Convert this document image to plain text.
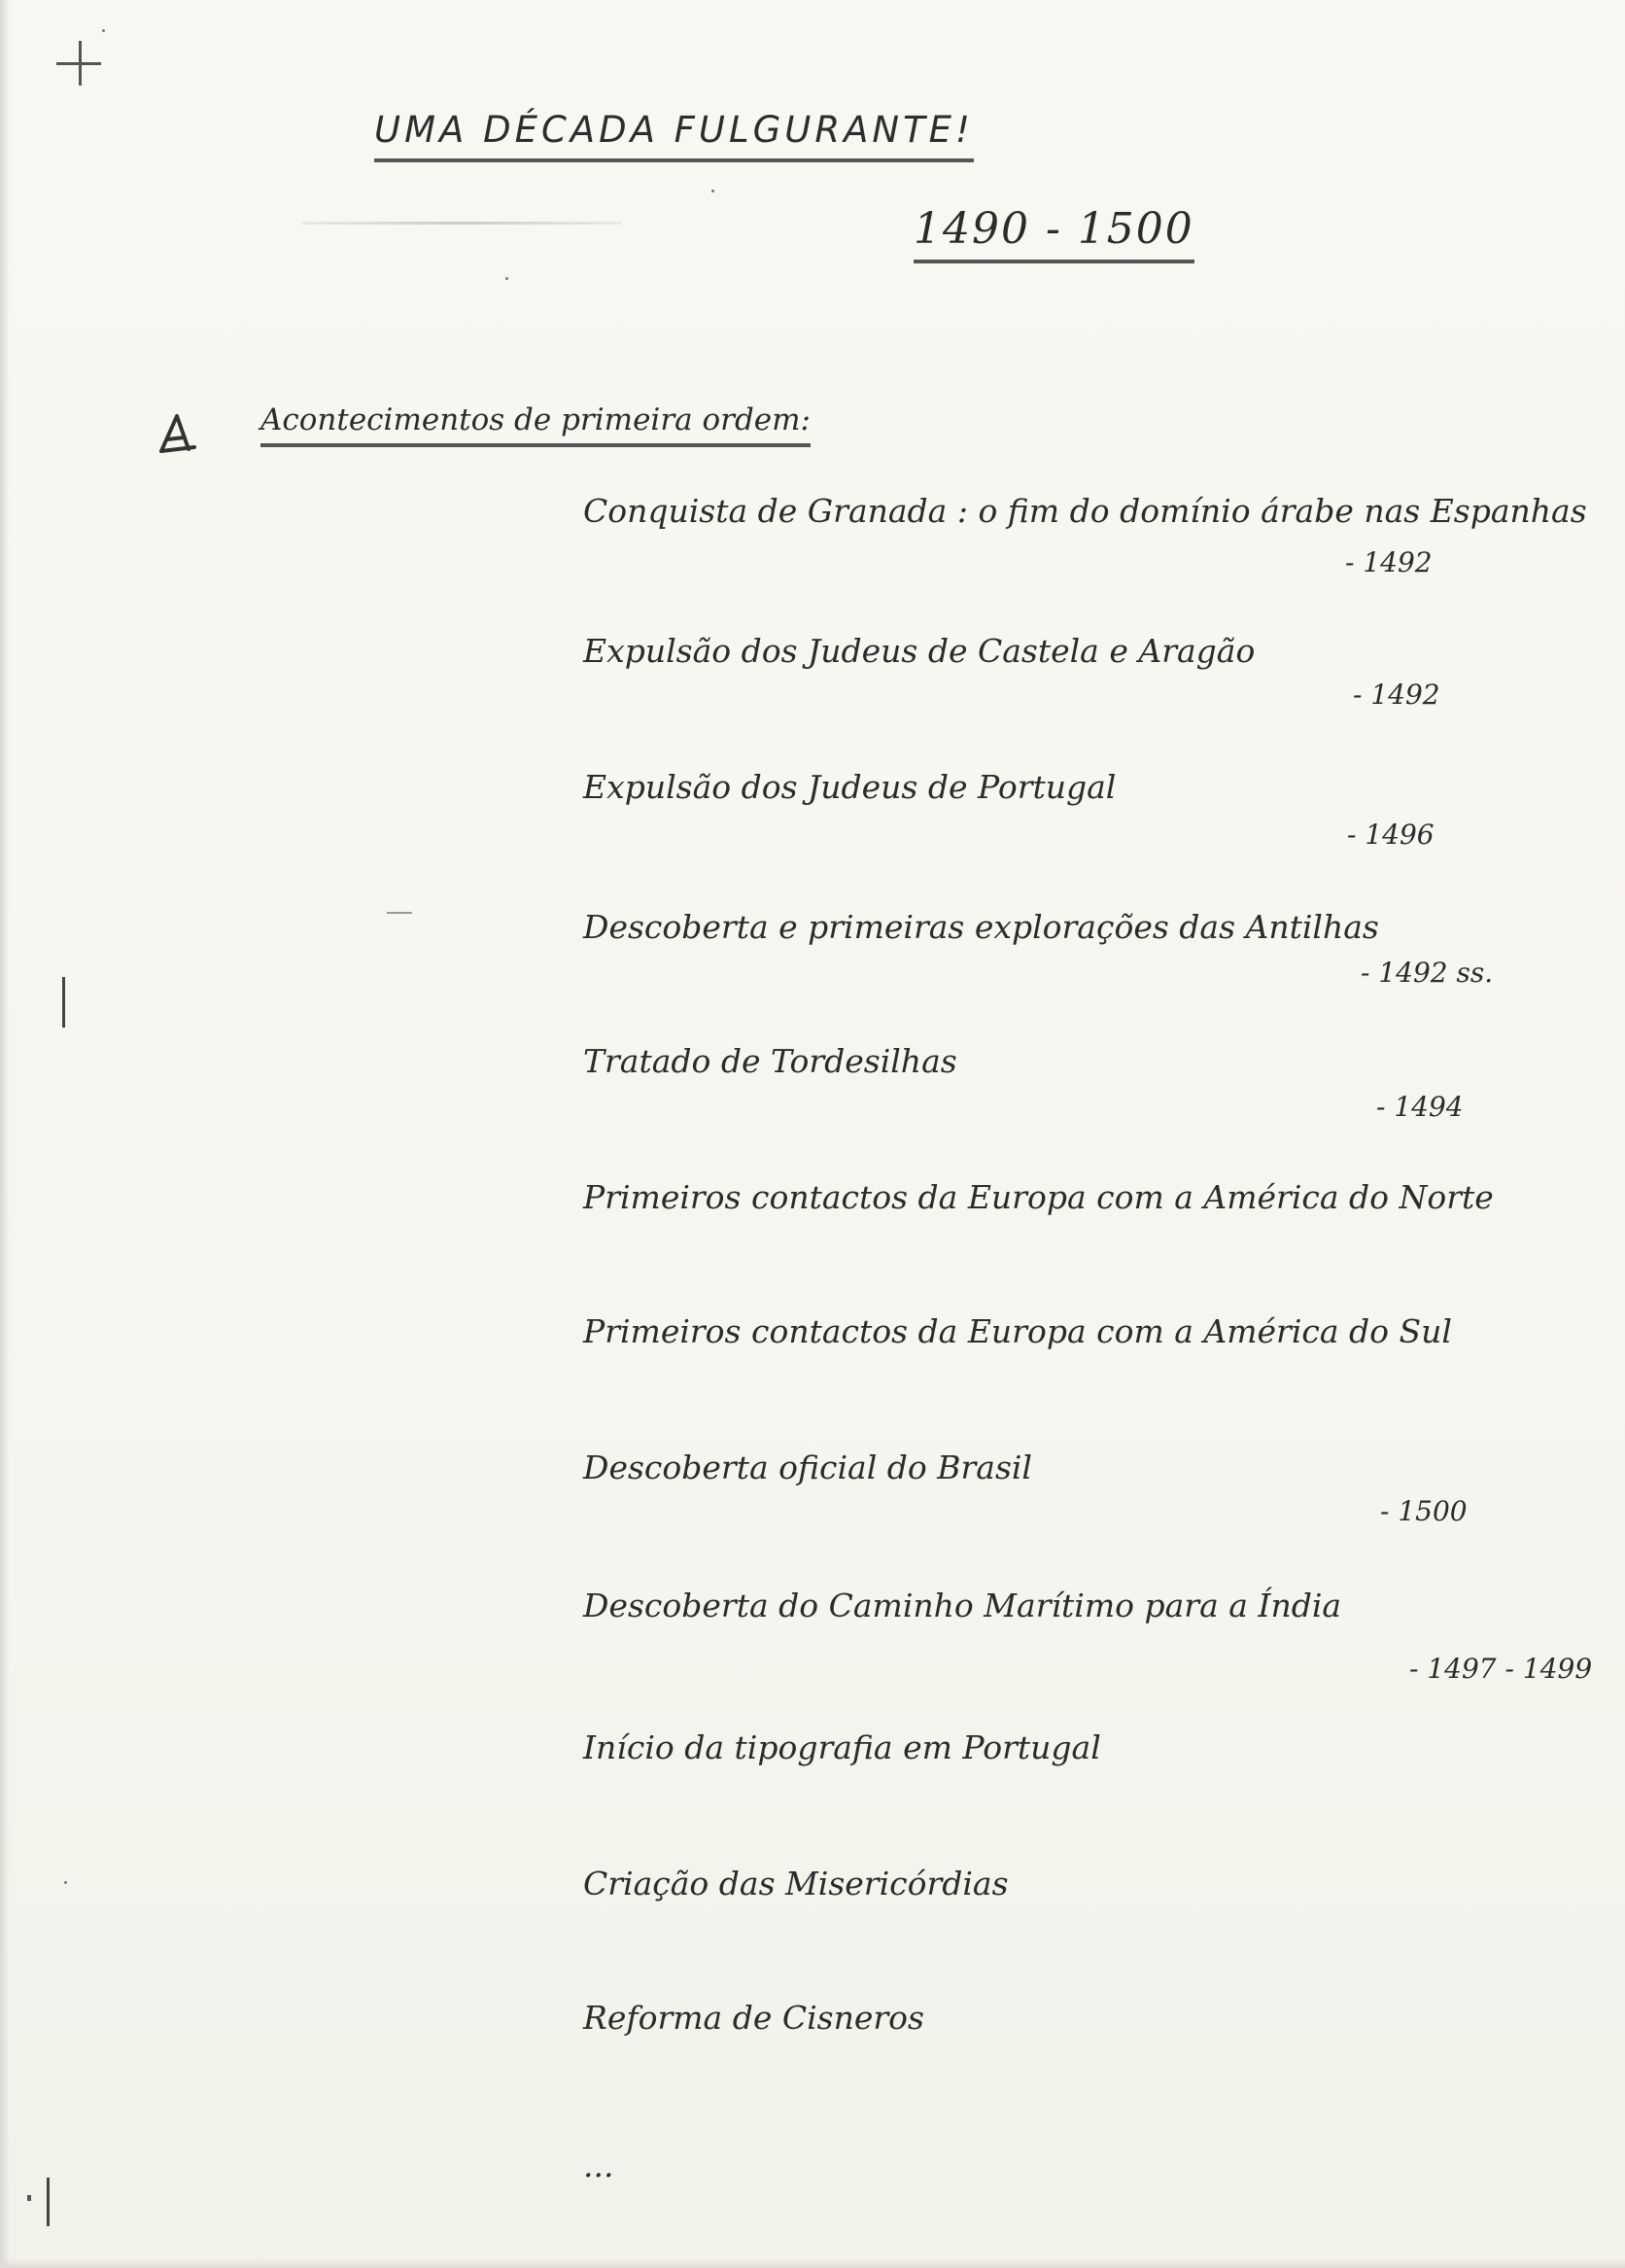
UMA DÉCADA FULGURANTE!
1490 - 1500
Acontecimentos de primeira ordem:
Conquista de Granada : o fim do domínio árabe nas Espanhas
- 1492
Expulsão dos Judeus de Castela e Aragão
- 1492
Expulsão dos Judeus de Portugal
- 1496
Descoberta e primeiras explorações das Antilhas
- 1492 ss.
Tratado de Tordesilhas
- 1494
Primeiros contactos da Europa com a América do Norte
Primeiros contactos da Europa com a América do Sul
Descoberta oficial do Brasil
- 1500
Descoberta do Caminho Marítimo para a Índia
- 1497 - 1499
Início da tipografia em Portugal
Criação das Misericórdias
Reforma de Cisneros
...
